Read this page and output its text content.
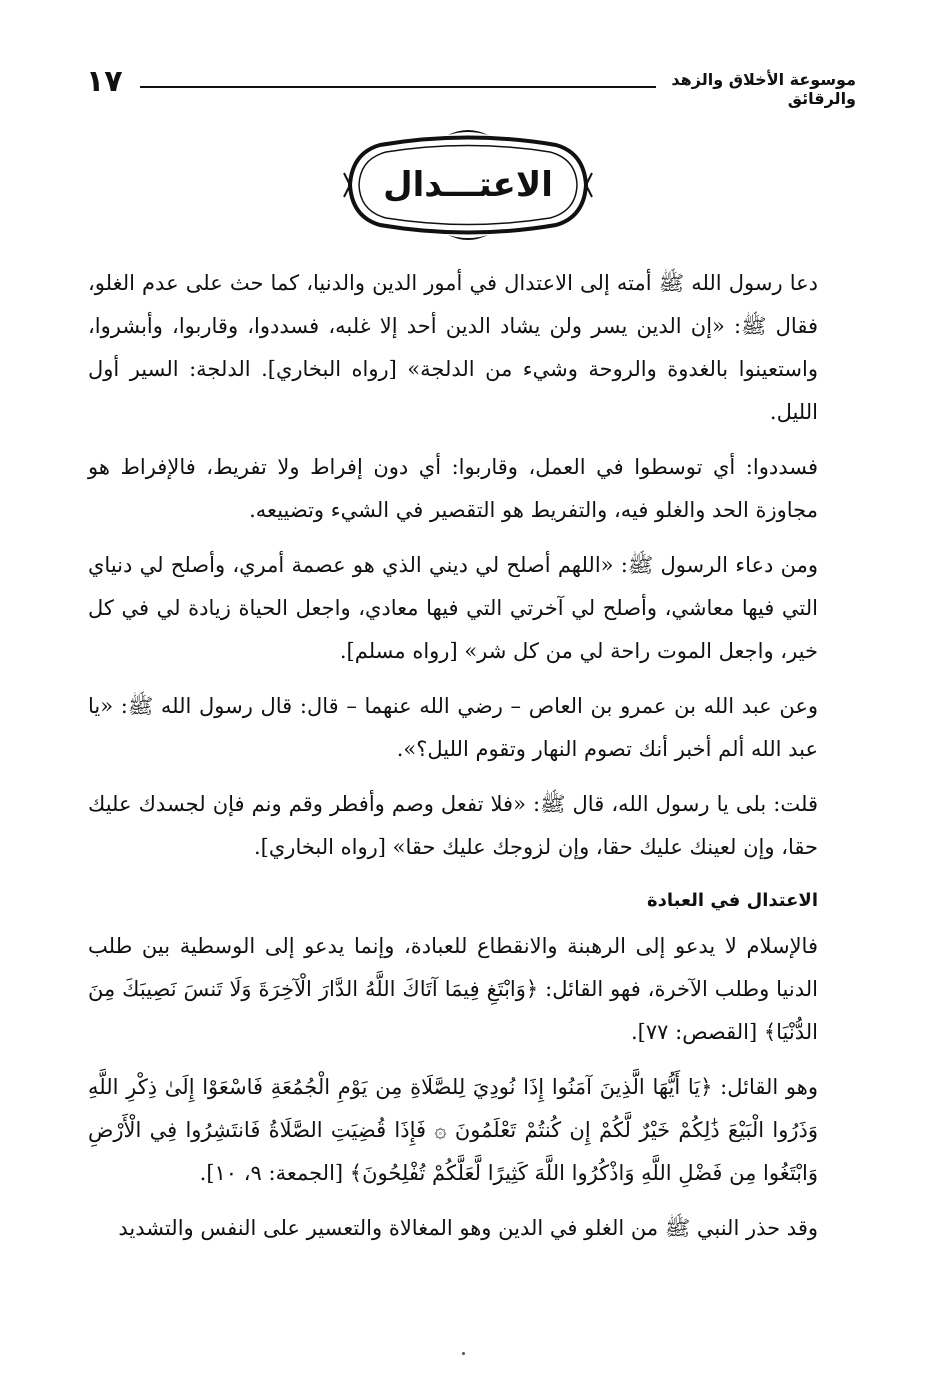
١٧	موسوعة الأخلاق والزهد والرقائق
الاعتـــدال

دعا رسول الله ﷺ أمته إلى الاعتدال في أمور الدين والدنيا، كما حث على عدم الغلو، فقال ﷺ: «إن الدين يسر ولن يشاد الدين أحد إلا غلبه، فسددوا، وقاربوا، وأبشروا، واستعينوا بالغدوة والروحة وشيء من الدلجة» [رواه البخاري]. الدلجة: السير أول الليل.

فسددوا: أي توسطوا في العمل، وقاربوا: أي دون إفراط ولا تفريط، فالإفراط هو مجاوزة الحد والغلو فيه، والتفريط هو التقصير في الشيء وتضييعه.

ومن دعاء الرسول ﷺ: «اللهم أصلح لي ديني الذي هو عصمة أمري، وأصلح لي دنياي التي فيها معاشي، وأصلح لي آخرتي التي فيها معادي، واجعل الحياة زيادة لي في كل خير، واجعل الموت راحة لي من كل شر» [رواه مسلم].

وعن عبد الله بن عمرو بن العاص – رضي الله عنهما – قال: قال رسول الله ﷺ: «يا عبد الله ألم أخبر أنك تصوم النهار وتقوم الليل؟».

قلت: بلى يا رسول الله، قال ﷺ: «فلا تفعل وصم وأفطر وقم ونم فإن لجسدك عليك حقا، وإن لعينك عليك حقا، وإن لزوجك عليك حقا» [رواه البخاري].

الاعتدال في العبادة

فالإسلام لا يدعو إلى الرهبنة والانقطاع للعبادة، وإنما يدعو إلى الوسطية بين طلب الدنيا وطلب الآخرة، فهو القائل: ﴿وَابْتَغِ فِيمَا آتَاكَ اللَّهُ الدَّارَ الْآخِرَةَ وَلَا تَنسَ نَصِيبَكَ مِنَ الدُّنْيَا﴾ [القصص: ٧٧].

وهو القائل: ﴿يَا أَيُّهَا الَّذِينَ آمَنُوا إِذَا نُودِيَ لِلصَّلَاةِ مِن يَوْمِ الْجُمُعَةِ فَاسْعَوْا إِلَىٰ ذِكْرِ اللَّهِ وَذَرُوا الْبَيْعَ ذَٰلِكُمْ خَيْرٌ لَّكُمْ إِن كُنتُمْ تَعْلَمُونَ ۞ فَإِذَا قُضِيَتِ الصَّلَاةُ فَانتَشِرُوا فِي الْأَرْضِ وَابْتَغُوا مِن فَضْلِ اللَّهِ وَاذْكُرُوا اللَّهَ كَثِيرًا لَّعَلَّكُمْ تُفْلِحُونَ﴾ [الجمعة: ٩، ١٠].

وقد حذر النبي ﷺ من الغلو في الدين وهو المغالاة والتعسير على النفس والتشديد
